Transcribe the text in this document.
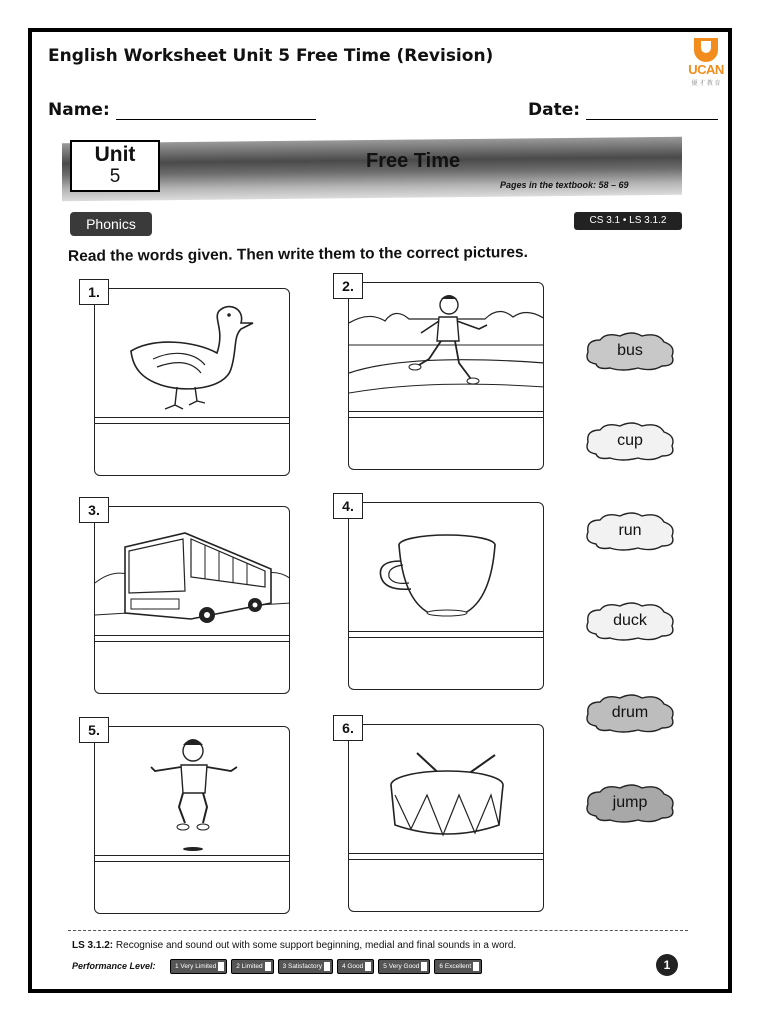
English Worksheet Unit 5 Free Time (Revision)
UCAN
優 才 教 育
Name:	Date:
Unit
5
Free Time
Pages in the textbook: 58 – 69
Phonics	CS 3.1 • LS 3.1.2
Read the words given. Then write them to the correct pictures.
1.	2.
3.	4.
5.	6.
bus
cup
run
duck
drum
jump
LS 3.1.2: Recognise and sound out with some support beginning, medial and final sounds in a word.
Performance Level:	1 Very Limited	2 Limited	3 Satisfactory	4 Good	5 Very Good	6 Excellent	1
